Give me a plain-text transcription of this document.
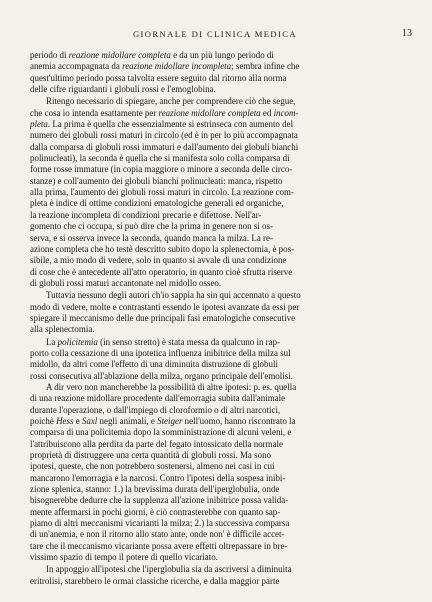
GIORNALE DI CLINICA MEDICA	13
periodo di reazione midollare completa e da un più lungo periodo di
anemia accompagnata da reazione midollare incompleta; sembra infine che
quest'ultimo periodo possa talvolta essere seguito dal ritorno alla norma
delle cifre riguardanti i globuli rossi e l'emoglobina.
Ritengo necessario di spiegare, anche per comprendere ciò che segue,
che cosa io intenda esattamente per reazione midollare completa ed incom-
pleta. La prima è quella che essenzialmente si estrinseca con aumento del
numero dei globuli rossi maturi in circolo (ed è in per lo più accompagnata
dalla comparsa di globuli rossi immaturi e dall'aumento dei globuli bianchi
polinucleati), la seconda è quella che si manifesta solo colla comparsa di
forme rosse immature (in copia maggiore o minore a seconda delle circo-
stanze) e coll'aumento dei globuli bianchi polinucleati: manca, rispetto
alla prima, l'aumento dei globuli rossi maturi in circolo. La reazione com-
pleta è indice di ottime condizioni ematologiche generali ed organiche,
la reazione incompleta di condizioni precarie e difettose. Nell'ar-
gomento che ci occupa, si può dire che la prima in genere non si os-
serva, e si osserva invece la seconda, quando manca la milza. La re-
azione completa che ho testè descritto subito dopo la splenectomia, è pos-
sibile, a mio modo di vedere, solo in quanto si avvale di una condizione
di cose che è antecedente all'atto operatorio, in quanto cioè sfrutta riserve
di globuli rossi maturi accantonate nel midollo osseo.
Tuttavia nessuno degli autori ch'io sappia ha sin qui accennato a questo
modo di vedere, molte e contrastanti essendo le ipotesi avanzate da essi per
spiegare il meccanismo delle due principali fasi ematologiche consecutive
alla splenectomia.
La policitemia (in senso stretto) è stata messa da qualcuno in rap-
porto colla cessazione di una ipotetica influenza inibitrice della milza sul
midollo, da altri come l'effetto di una diminuita distruzione di globuli
rossi consecutiva all'ablazione della milza, organo principale dell'emolisi.
A dir vero non mancherebbe la possibilità di altre ipotesi: p. es. quella
di una reazione midollare procedente dall'emorragia subita dall'animale
durante l'operazione, o dall'impiego di cloroformio o di altri narcotici,
poichè Hess e Saxl negli animali, e Steiger nell'uomo, hanno riscontrato la
comparsa di una policitemia dopo la somministrazione di alcuni veleni, e
l'attribuiscono alla perdita da parte del fegato intossicato della normale
proprietà di distruggere una certa quantità di globuli rossi. Ma sono
ipotesi, queste, che non potrebbero sostenersi, almeno nei casi in cui
mancarono l'emorragia e la narcosi. Contro l'ipotesi della sospesa inibi-
zione splenica, stanno: 1.) la brevissima durata dell'iperglobulia, onde
bisognerebbe dedurre che la supplenza all'azione inibitrice possa valida-
mente affermarsi in pochi giorni, è ciò contrasterebbe con quanto sap-
piamo di altri meccanismi vicarianti la milza; 2.) la successiva comparsa
di un'anemia, e non il ritorno allo stato ante, onde non' è difficile accet-
tare che il meccanismo vicariante possa avere effetti oltrepassare in bre-
vissimo spazio di tempo il potere di quello vicariato.
In appoggio all'ipotesi che l'iperglobulia sia da ascriversi a diminuita
eritrolisi, starebbero le ormai classiche ricerche, e dalla maggior parte
